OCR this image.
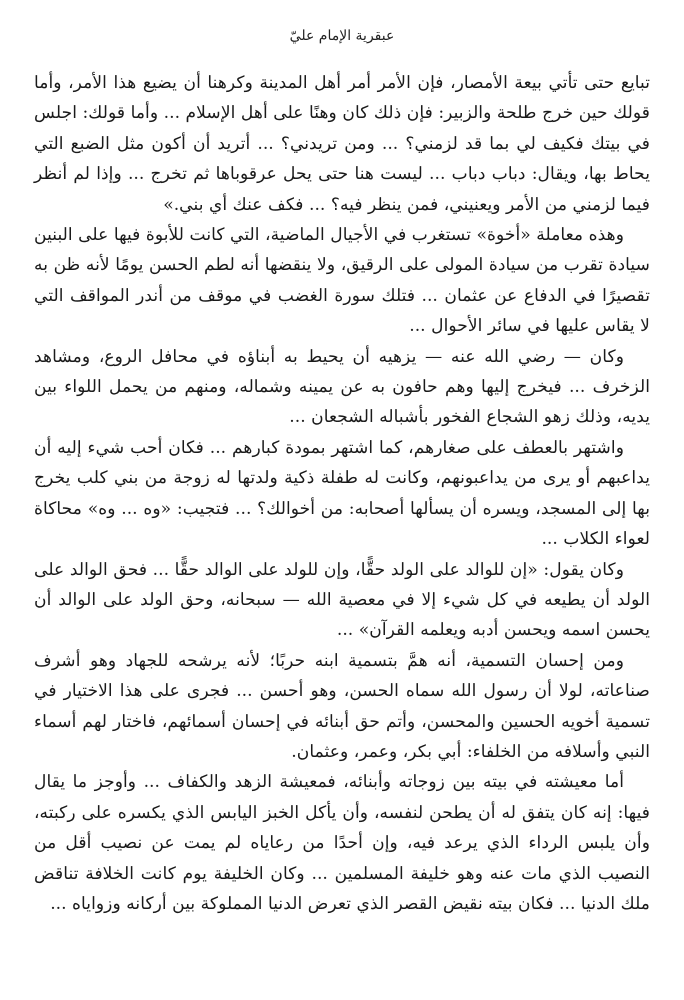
عبقرية الإمام عليّ

تبايع حتى تأتي بيعة الأمصار، فإن الأمر أمر أهل المدينة وكرهنا أن يضيع هذا الأمر، وأما قولك حين خرج طلحة والزبير: فإن ذلك كان وهنًا على أهل الإسلام ... وأما قولك: اجلس في بيتك فكيف لي بما قد لزمني؟ ... ومن تريدني؟ ... أتريد أن أكون مثل الضبع التي يحاط بها، ويقال: دباب دباب ... ليست هنا حتى يحل عرقوباها ثم تخرج ... وإذا لم أنظر فيما لزمني من الأمر ويعنيني، فمن ينظر فيه؟ ... فكف عنك أي بني.»

وهذه معاملة «أخوة» تستغرب في الأجيال الماضية، التي كانت للأبوة فيها على البنين سيادة تقرب من سيادة المولى على الرقيق، ولا ينقضها أنه لطم الحسن يومًا لأنه ظن به تقصيرًا في الدفاع عن عثمان ... فتلك سورة الغضب في موقف من أندر المواقف التي لا يقاس عليها في سائر الأحوال ...

وكان — رضي الله عنه — يزهيه أن يحيط به أبناؤه في محافل الروع، ومشاهد الزخرف ... فيخرج إليها وهم حافون به عن يمينه وشماله، ومنهم من يحمل اللواء بين يديه، وذلك زهو الشجاع الفخور بأشباله الشجعان ...

واشتهر بالعطف على صغارهم، كما اشتهر بمودة كبارهم ... فكان أحب شيء إليه أن يداعبهم أو يرى من يداعبونهم، وكانت له طفلة ذكية ولدتها له زوجة من بني كلب يخرج بها إلى المسجد، ويسره أن يسألها أصحابه: من أخوالك؟ ... فتجيب: «وه ... وه» محاكاة لعواء الكلاب ...

وكان يقول: «إن للوالد على الولد حقًّا، وإن للولد على الوالد حقًّا ... فحق الوالد على الولد أن يطيعه في كل شيء إلا في معصية الله — سبحانه، وحق الولد على الوالد أن يحسن اسمه ويحسن أدبه ويعلمه القرآن» ...

ومن إحسان التسمية، أنه همَّ بتسمية ابنه حربًا؛ لأنه يرشحه للجهاد وهو أشرف صناعاته، لولا أن رسول الله سماه الحسن، وهو أحسن ... فجرى على هذا الاختيار في تسمية أخويه الحسين والمحسن، وأتم حق أبنائه في إحسان أسمائهم، فاختار لهم أسماء النبي وأسلافه من الخلفاء: أبي بكر، وعمر، وعثمان.

أما معيشته في بيته بين زوجاته وأبنائه، فمعيشة الزهد والكفاف ... وأوجز ما يقال فيها: إنه كان يتفق له أن يطحن لنفسه، وأن يأكل الخبز اليابس الذي يكسره على ركبته، وأن يلبس الرداء الذي يرعد فيه، وإن أحدًا من رعاياه لم يمت عن نصيب أقل من النصيب الذي مات عنه وهو خليفة المسلمين ... وكان الخليفة يوم كانت الخلافة تناقض ملك الدنيا ... فكان بيته نقيض القصر الذي تعرض الدنيا المملوكة بين أركانه وزواياه ...
